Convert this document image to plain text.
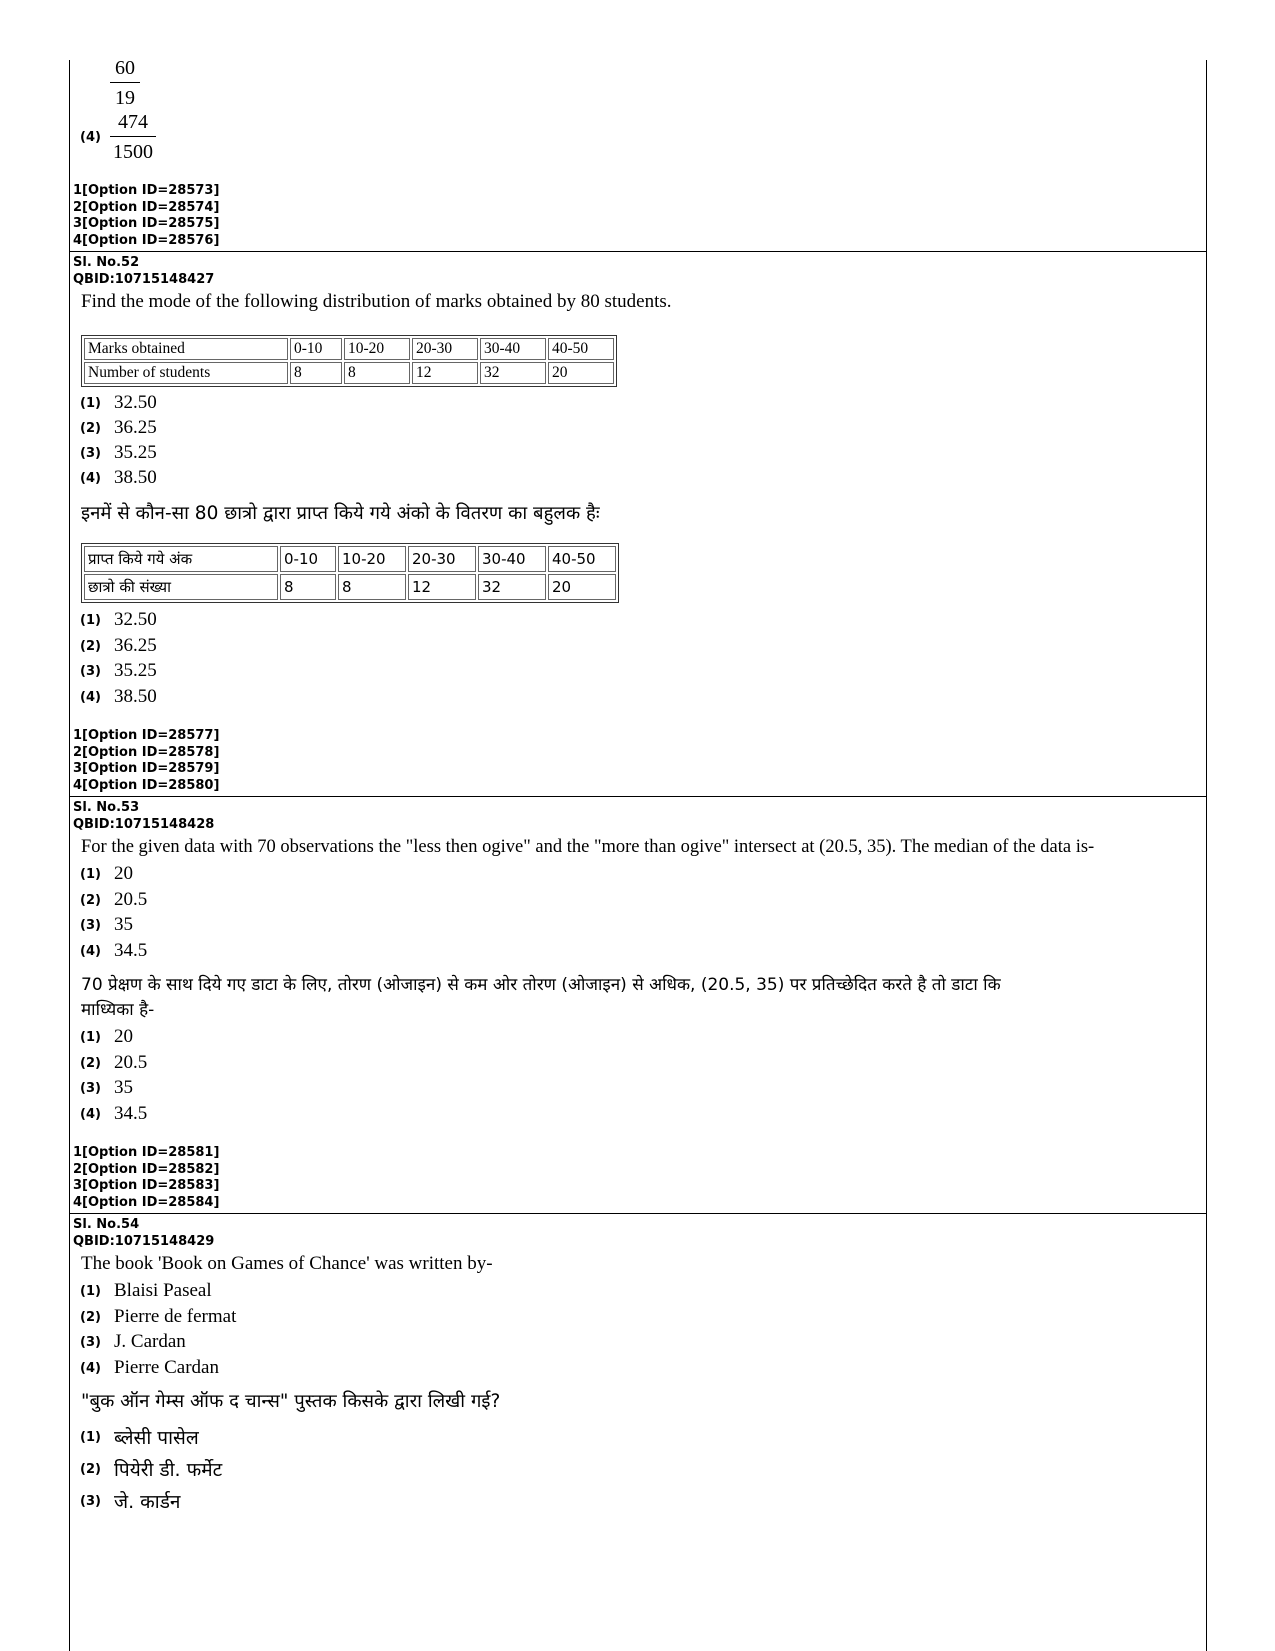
60
19
(4)
474
1500
1[Option ID=28573]
2[Option ID=28574]
3[Option ID=28575]
4[Option ID=28576]
Sl. No.52
QBID:10715148427
Find the mode of the following distribution of marks obtained by 80 students.
Marks obtained	0-10	10-20	20-30	30-40	40-50
Number of students	8	8	12	32	20
(1) 32.50
(2) 36.25
(3) 35.25
(4) 38.50
इनमें से कौन-सा 80 छात्रो द्वारा प्राप्त किये गये अंको के वितरण का बहुलक हैः
प्राप्त किये गये अंक	0-10	10-20	20-30	30-40	40-50
छात्रो की संख्या	8	8	12	32	20
(1) 32.50
(2) 36.25
(3) 35.25
(4) 38.50
1[Option ID=28577]
2[Option ID=28578]
3[Option ID=28579]
4[Option ID=28580]
Sl. No.53
QBID:10715148428
For the given data with 70 observations the "less then ogive" and the "more than ogive" intersect at (20.5, 35). The median of the data is-
(1) 20
(2) 20.5
(3) 35
(4) 34.5
70 प्रेक्षण के साथ दिये गए डाटा के लिए, तोरण (ओजाइन) से कम ओर तोरण (ओजाइन) से अधिक, (20.5, 35) पर प्रतिच्छेदित करते है तो डाटा कि
माध्यिका है-
(1) 20
(2) 20.5
(3) 35
(4) 34.5
1[Option ID=28581]
2[Option ID=28582]
3[Option ID=28583]
4[Option ID=28584]
Sl. No.54
QBID:10715148429
The book 'Book on Games of Chance' was written by-
(1) Blaisi Paseal
(2) Pierre de fermat
(3) J. Cardan
(4) Pierre Cardan
"बुक ऑन गेम्स ऑफ द चान्स" पुस्तक किसके द्वारा लिखी गई?
(1) ब्लेसी पासेल
(2) पियेरी डी. फर्मेट
(3) जे. कार्डन
